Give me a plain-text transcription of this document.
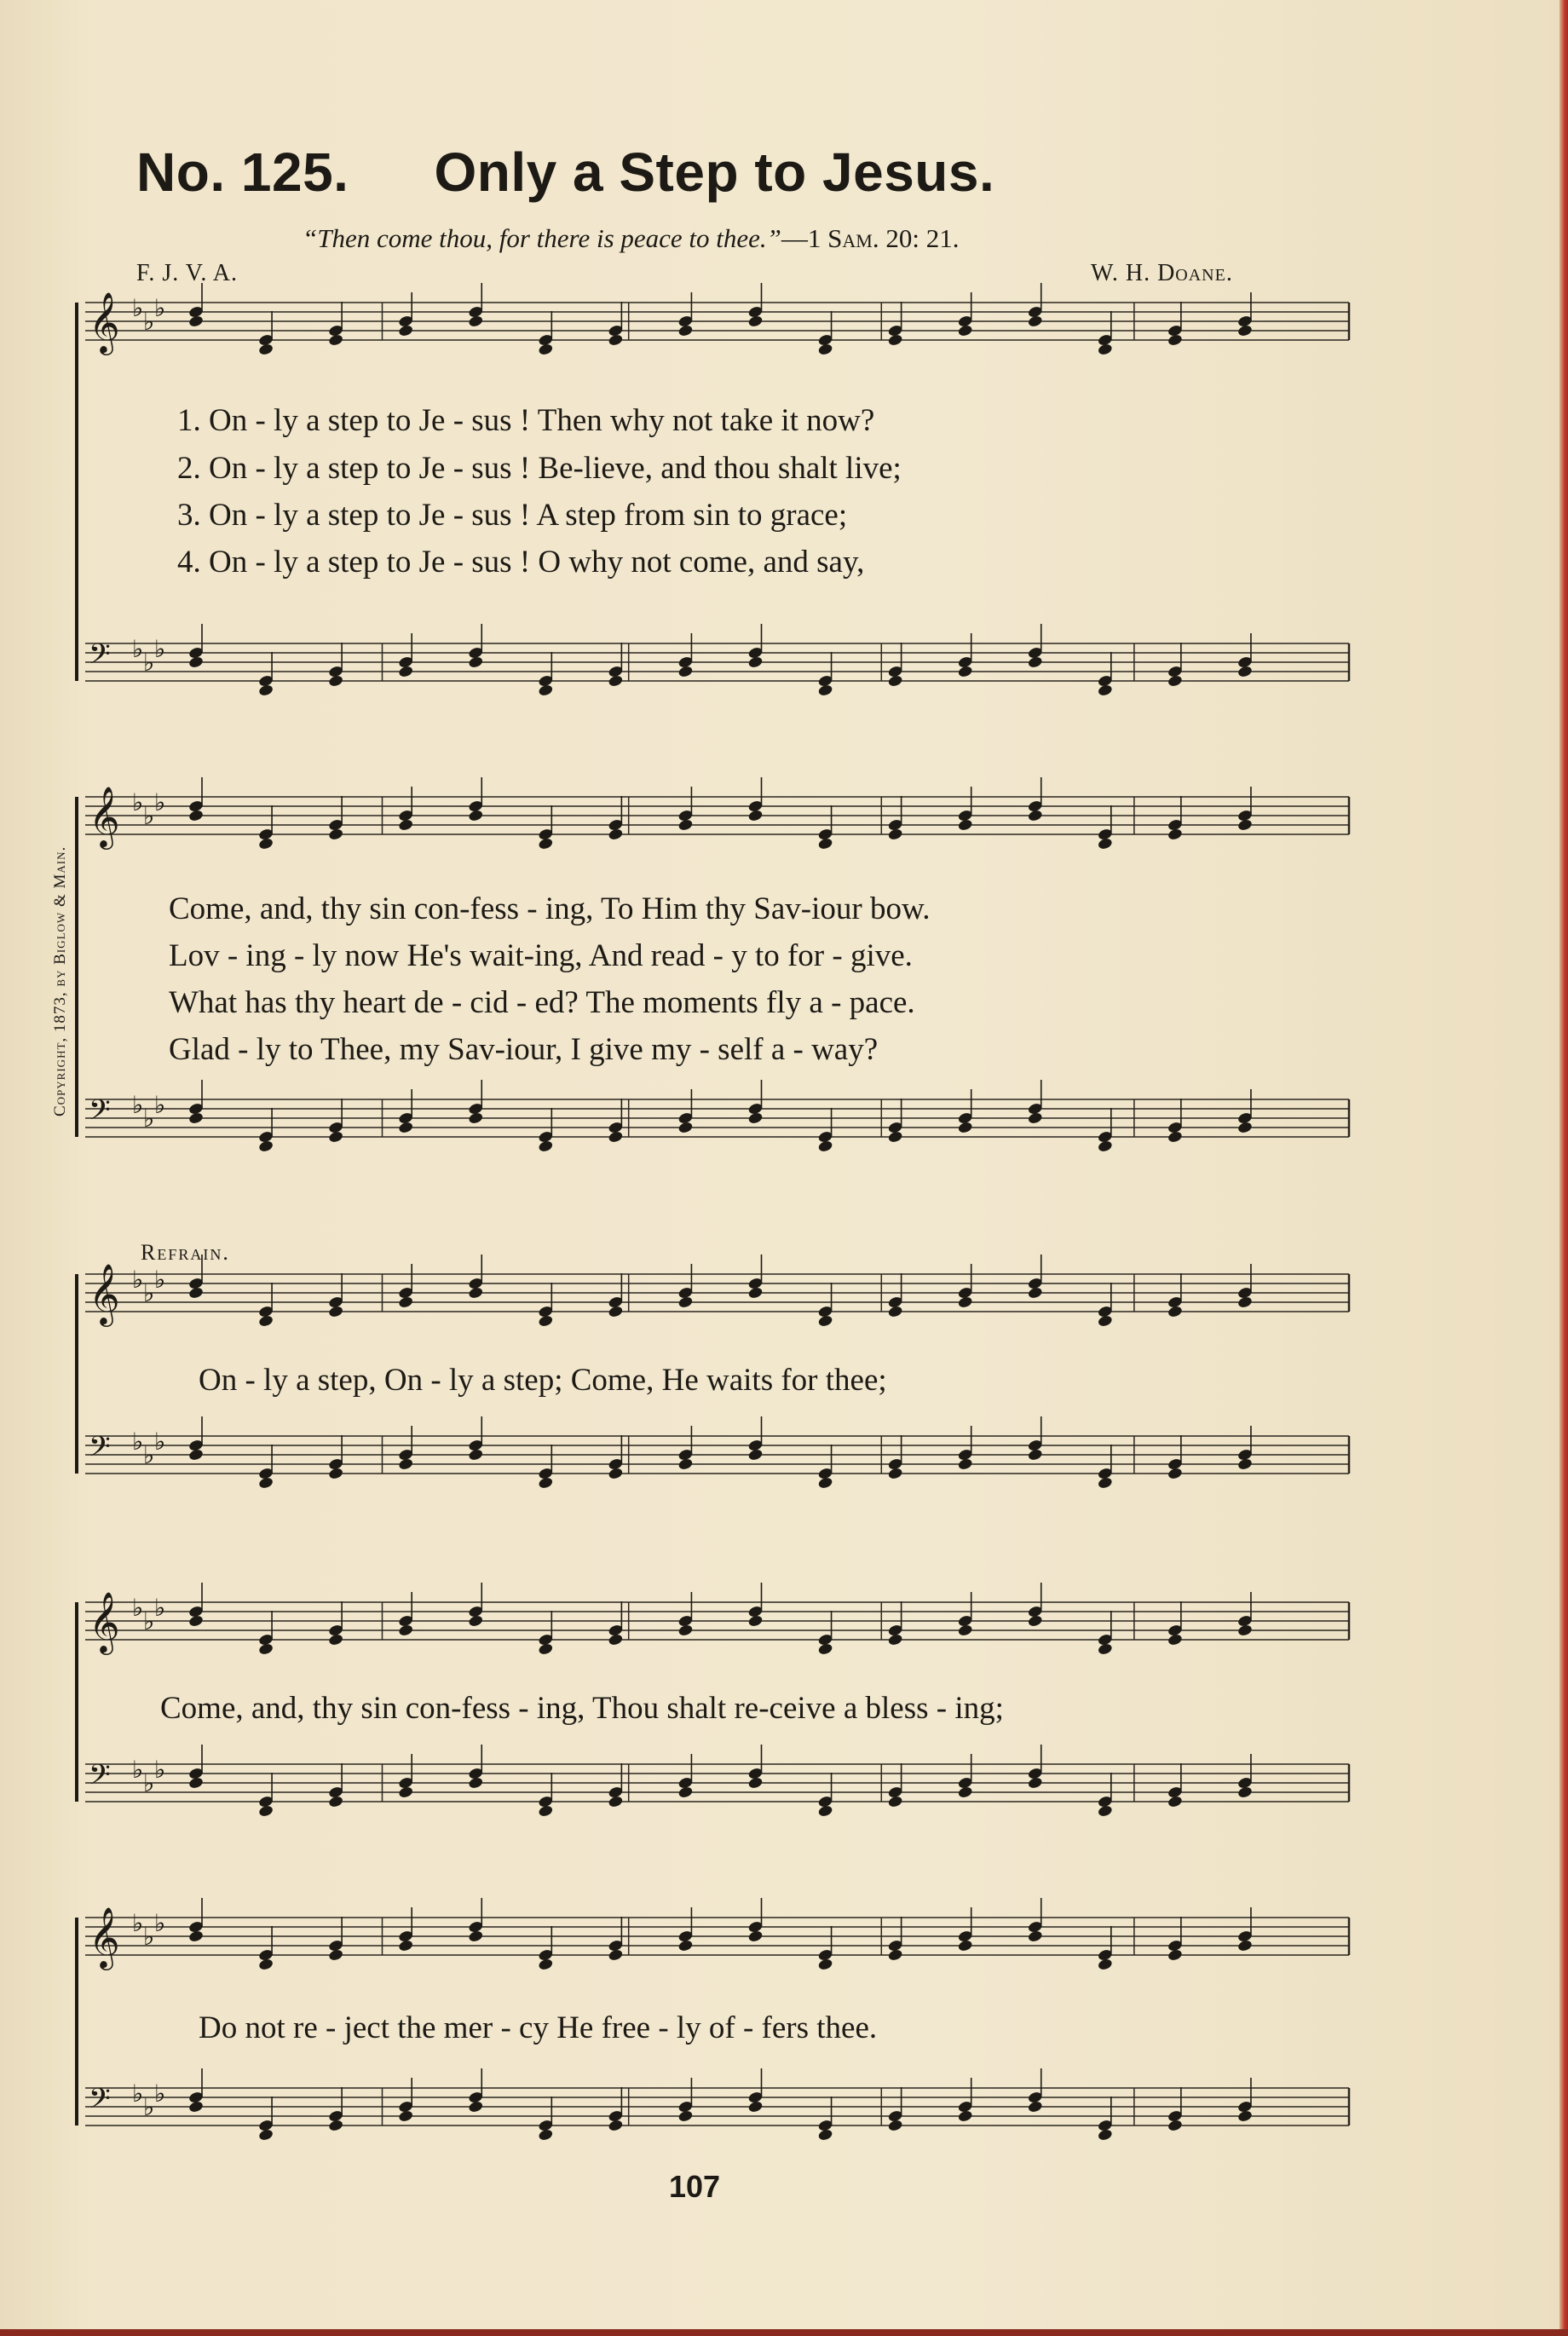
No. 125. Only a Step to Jesus.
“Then come thou, for there is peace to thee.”—1 Sam. 20: 21.
F. J. V. A.	W. H. Doane.
Copyright, 1873, by Biglow & Main.
𝄞 ♭ ♭ ♭
𝄢 ♭ ♭ ♭
1. On - ly a step to Je - sus ! Then why not take it now?
2. On - ly a step to Je - sus ! Be-lieve, and thou shalt live;
3. On - ly a step to Je - sus ! A step from sin to grace;
4. On - ly a step to Je - sus ! O why not come, and say,
𝄞 ♭ ♭ ♭
𝄢 ♭ ♭ ♭
Come, and, thy sin con-fess - ing, To Him thy Sav-iour bow.
Lov - ing - ly now He's wait-ing, And read - y to for - give.
What has thy heart de - cid - ed? The moments fly a - pace.
Glad - ly to Thee, my Sav-iour, I give my - self a - way?
Refrain.
𝄞 ♭ ♭ ♭
𝄢 ♭ ♭ ♭
On - ly a step, On - ly a step; Come, He waits for thee;
𝄞 ♭ ♭ ♭
𝄢 ♭ ♭ ♭
Come, and, thy sin con-fess - ing, Thou shalt re-ceive a bless - ing;
𝄞 ♭ ♭ ♭
𝄢 ♭ ♭ ♭
Do not re - ject the mer - cy He free - ly of - fers thee.
107
